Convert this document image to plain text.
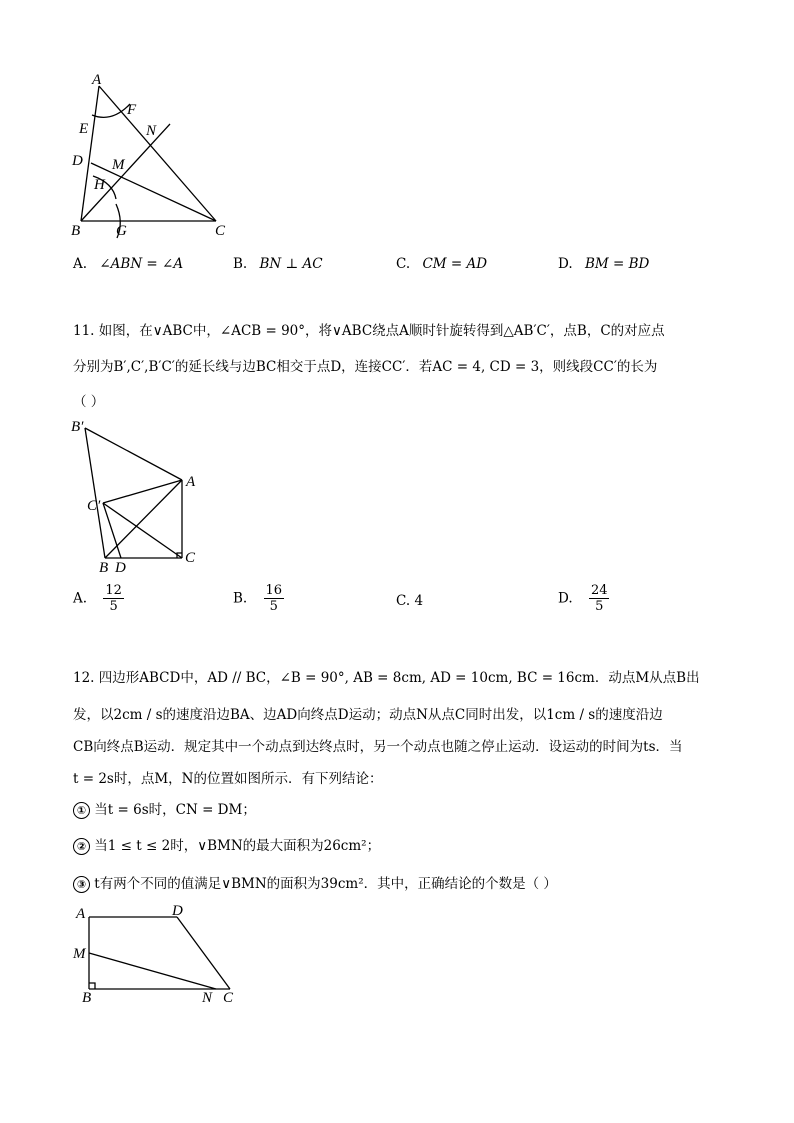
A
E
F
N
D M
H
B G	C
A. ∠ABN = ∠A	B. BN ⊥ AC	C. CM = AD	D. BM = BD
11. 如图，在∨ABC中，∠ACB = 90°，将∨ABC绕点A顺时针旋转得到△AB′C′，点B，C的对应点
分别为B′,C′,B′C′的延长线与边BC相交于点D，连接CC′．若AC = 4, CD = 3，则线段CC′的长为
（ ）
B′
A
C′
B D
C
A. $\frac{12}{5}$	B. $\frac{16}{5}$	C. 4	D. $\frac{24}{5}$
12. 四边形ABCD中，AD // BC，∠B = 90°, AB = 8cm, AD = 10cm, BC = 16cm．动点M从点B出
发，以2cm / s的速度沿边BA、边AD向终点D运动；动点N从点C同时出发，以1cm / s的速度沿边
CB向终点B运动．规定其中一个动点到达终点时，另一个动点也随之停止运动．设运动的时间为ts．当
t = 2s时，点M，N的位置如图所示．有下列结论：
① 当t = 6s时，CN = DM；
② 当1 ≤ t ≤ 2时，∨BMN的最大面积为26cm²；
③ t有两个不同的值满足∨BMN的面积为39cm²．其中，正确结论的个数是（ ）
A	D
M
B	N C
